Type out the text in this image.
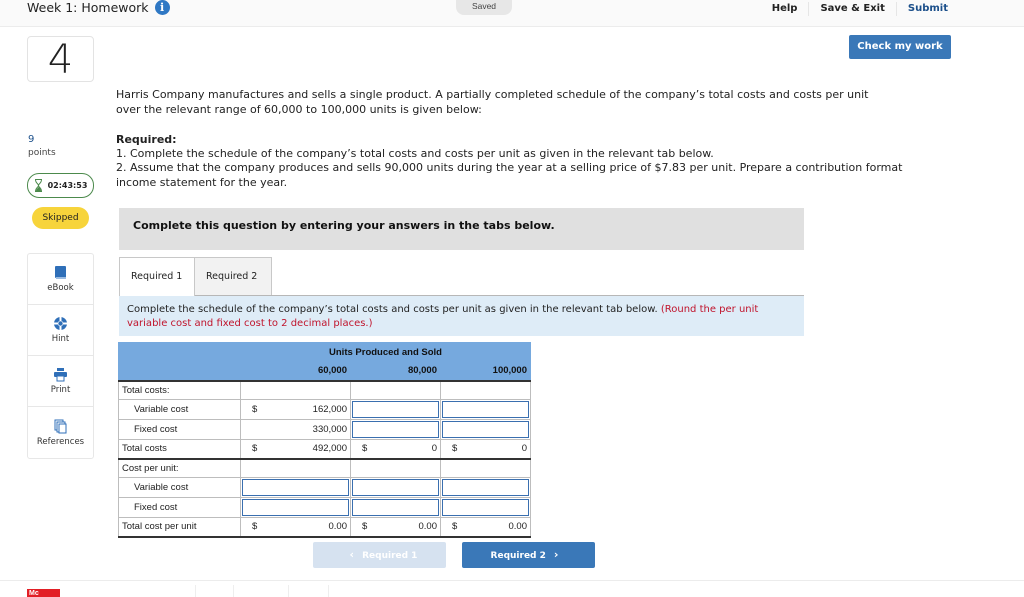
Week 1: Homework	i	Saved	Help	Save & Exit	Submit
Check my work
4
9
points
02:43:53
Skipped
eBook
Hint
Print
References
Harris Company manufactures and sells a single product. A partially completed schedule of the company’s total costs and costs per unit over the relevant range of 60,000 to 100,000 units is given below:
Required:
1. Complete the schedule of the company’s total costs and costs per unit as given in the relevant tab below.
2. Assume that the company produces and sells 90,000 units during the year at a selling price of $7.83 per unit. Prepare a contribution format income statement for the year.
Complete this question by entering your answers in the tabs below.
Required 1	Required 2
Complete the schedule of the company’s total costs and costs per unit as given in the relevant tab below. (Round the per unit variable cost and fixed cost to 2 decimal places.)
	Units Produced and Sold		
	60,000	80,000	100,000
Total costs:			
Variable cost	$ 162,000

Fixed cost	330,000	

Total costs	$ 492,000	$ 0	$ 0

Cost per unit:			
Variable cost	

Fixed cost	

Total cost per unit	$ 0.00	$ 0.00	$ 0.00
‹ Required 1	Required 2 ›
Mc
